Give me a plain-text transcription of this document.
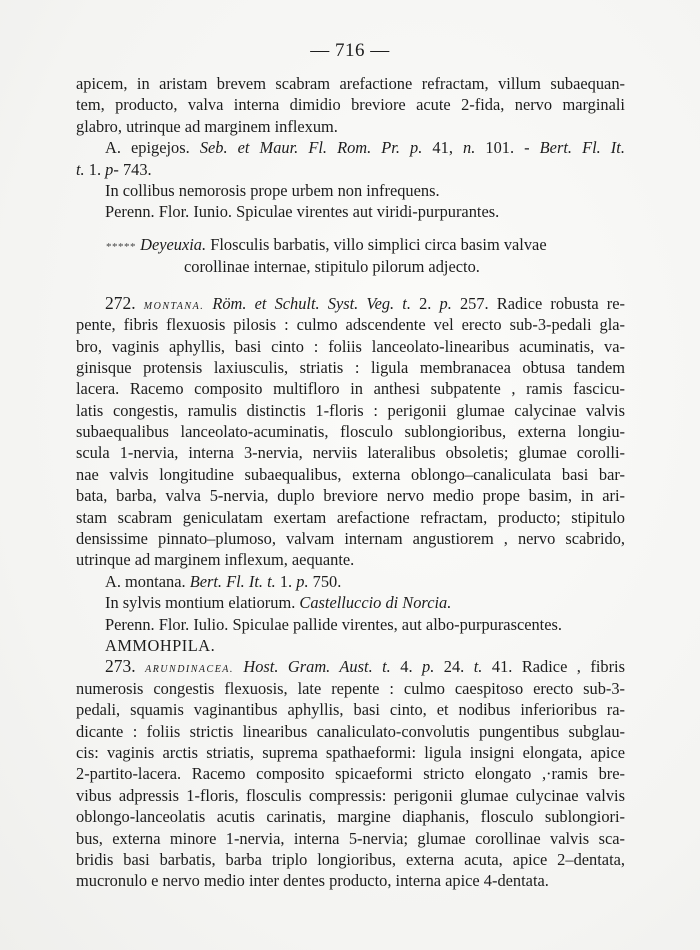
— 716 —
apicem, in aristam brevem scabram arefactione refractam, villum subaequan-
tem, producto, valva interna dimidio breviore acute 2-fida, nervo marginali
glabro, utrinque ad marginem inflexum.
A. epigejos. Seb. et Maur. Fl. Rom. Pr. p. 41, n. 101. - Bert. Fl. It.
t. 1. p- 743.
In collibus nemorosis prope urbem non infrequens.
Perenn. Flor. Iunio. Spiculae virentes aut viridi-purpurantes.
***** Deyeuxia. Flosculis barbatis, villo simplici circa basim valvae
corollinae internae, stipitulo pilorum adjecto.
272. MONTANA. Röm. et Schult. Syst. Veg. t. 2. p. 257. Radice robusta re-
pente, fibris flexuosis pilosis : culmo adscendente vel erecto sub-3-pedali gla-
bro, vaginis aphyllis, basi cinto : foliis lanceolato-linearibus acuminatis, va-
ginisque protensis laxiusculis, striatis : ligula membranacea obtusa tandem
lacera. Racemo composito multifloro in anthesi subpatente , ramis fascicu-
latis congestis, ramulis distinctis 1-floris : perigonii glumae calycinae valvis
subaequalibus lanceolato-acuminatis, flosculo sublongioribus, externa longiu-
scula 1-nervia, interna 3-nervia, nerviis lateralibus obsoletis; glumae corolli-
nae valvis longitudine subaequalibus, externa oblongo–canaliculata basi bar-
bata, barba, valva 5-nervia, duplo breviore nervo medio prope basim, in ari-
stam scabram geniculatam exertam arefactione refractam, producto; stipitulo
densissime pinnato–plumoso, valvam internam angustiorem , nervo scabrido,
utrinque ad marginem inflexum, aequante.
A. montana. Bert. Fl. It. t. 1. p. 750.
In sylvis montium elatiorum. Castelluccio di Norcia.
Perenn. Flor. Iulio. Spiculae pallide virentes, aut albo-purpurascentes.
AMMOHPILA.
273. ARUNDINACEA. Host. Gram. Aust. t. 4. p. 24. t. 41. Radice , fibris
numerosis congestis flexuosis, late repente : culmo caespitoso erecto sub-3-
pedali, squamis vaginantibus aphyllis, basi cinto, et nodibus inferioribus ra-
dicante : foliis strictis linearibus canaliculato-convolutis pungentibus subglau-
cis: vaginis arctis striatis, suprema spathaeformi: ligula insigni elongata, apice
2-partito-lacera. Racemo composito spicaeformi stricto elongato ,·ramis bre-
vibus adpressis 1-floris, flosculis compressis: perigonii glumae culycinae valvis
oblongo-lanceolatis acutis carinatis, margine diaphanis, flosculo sublongiori-
bus, externa minore 1-nervia, interna 5-nervia; glumae corollinae valvis sca-
bridis basi barbatis, barba triplo longioribus, externa acuta, apice 2–dentata,
mucronulo e nervo medio inter dentes producto, interna apice 4-dentata.
